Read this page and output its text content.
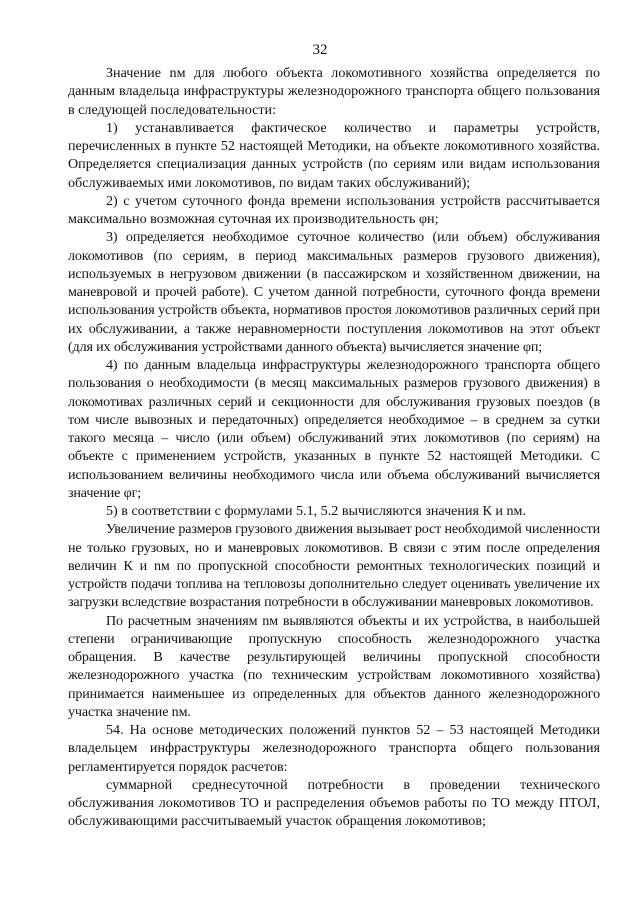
32

Значение nм для любого объекта локомотивного хозяйства определяется по данным владельца инфраструктуры железнодорожного транспорта общего пользования в следующей последовательности:

1) устанавливается фактическое количество и параметры устройств, перечисленных в пункте 52 настоящей Методики, на объекте локомотивного хозяйства. Определяется специализация данных устройств (по сериям или видам использования обслуживаемых ими локомотивов, по видам таких обслуживаний);

2) с учетом суточного фонда времени использования устройств рассчитывается максимально возможная суточная их производительность φн;

3) определяется необходимое суточное количество (или объем) обслуживания локомотивов (по сериям, в период максимальных размеров грузового движения), используемых в негрузовом движении (в пассажирском и хозяйственном движении, на маневровой и прочей работе). С учетом данной потребности, суточного фонда времени использования устройств объекта, нормативов простоя локомотивов различных серий при их обслуживании, а также неравномерности поступления локомотивов на этот объект (для их обслуживания устройствами данного объекта) вычисляется значение φп;

4) по данным владельца инфраструктуры железнодорожного транспорта общего пользования о необходимости (в месяц максимальных размеров грузового движения) в локомотивах различных серий и секционности для обслуживания грузовых поездов (в том числе вывозных и передаточных) определяется необходимое – в среднем за сутки такого месяца – число (или объем) обслуживаний этих локомотивов (по сериям) на объекте с применением устройств, указанных в пункте 52 настоящей Методики. С использованием величины необходимого числа или объема обслуживаний вычисляется значение φг;

5) в соответствии с формулами 5.1, 5.2 вычисляются значения К и nм.

Увеличение размеров грузового движения вызывает рост необходимой численности не только грузовых, но и маневровых локомотивов. В связи с этим после определения величин К и nм по пропускной способности ремонтных технологических позиций и устройств подачи топлива на тепловозы дополнительно следует оценивать увеличение их загрузки вследствие возрастания потребности в обслуживании маневровых локомотивов.

По расчетным значениям nм выявляются объекты и их устройства, в наибольшей степени ограничивающие пропускную способность железнодорожного участка обращения. В качестве результирующей величины пропускной способности железнодорожного участка (по техническим устройствам локомотивного хозяйства) принимается наименьшее из определенных для объектов данного железнодорожного участка значение nм.

54. На основе методических положений пунктов 52 – 53 настоящей Методики владельцем инфраструктуры железнодорожного транспорта общего пользования регламентируется порядок расчетов:

суммарной среднесуточной потребности в проведении технического обслуживания локомотивов ТО и распределения объемов работы по ТО между ПТОЛ, обслуживающими рассчитываемый участок обращения локомотивов;
